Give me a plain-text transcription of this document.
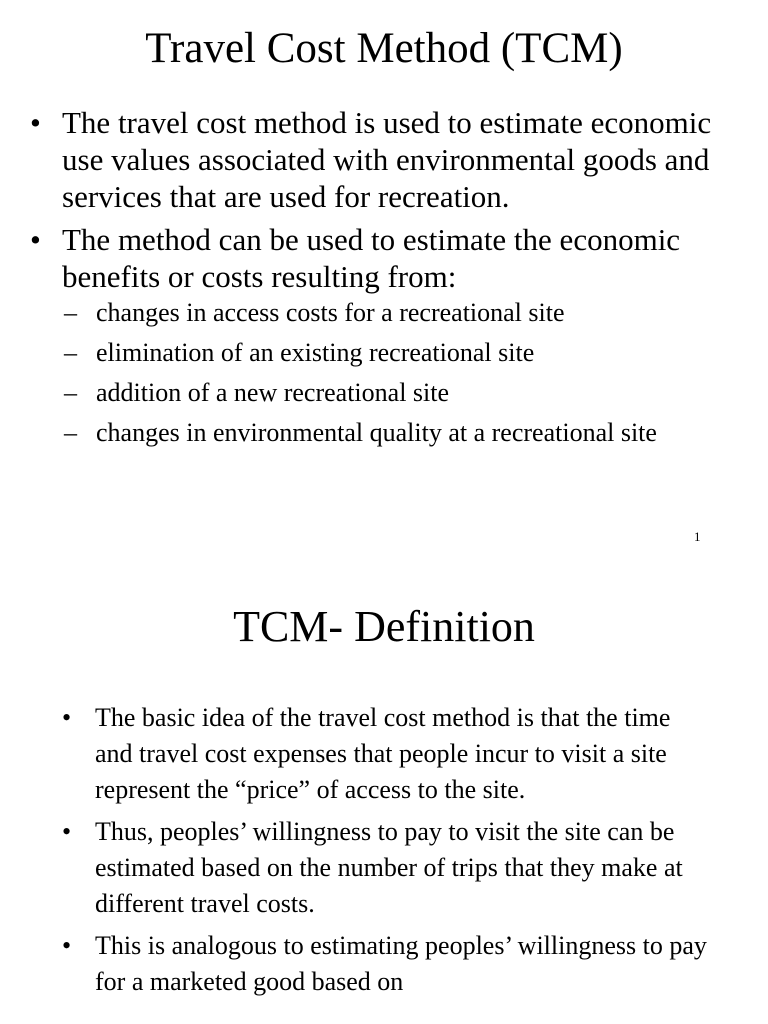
Travel Cost Method (TCM)
• The travel cost method is used to estimate economic use values associated with environmental goods and services that are used for recreation.
• The method can be used to estimate the economic benefits or costs resulting from:
– changes in access costs for a recreational site
– elimination of an existing recreational site
– addition of a new recreational site
– changes in environmental quality at a recreational site
1
TCM- Definition
• The basic idea of the travel cost method is that the time and travel cost expenses that people incur to visit a site represent the “price” of access to the site.
• Thus, peoples’ willingness to pay to visit the site can be estimated based on the number of trips that they make at different travel costs.
• This is analogous to estimating peoples’ willingness to pay for a marketed good based on
